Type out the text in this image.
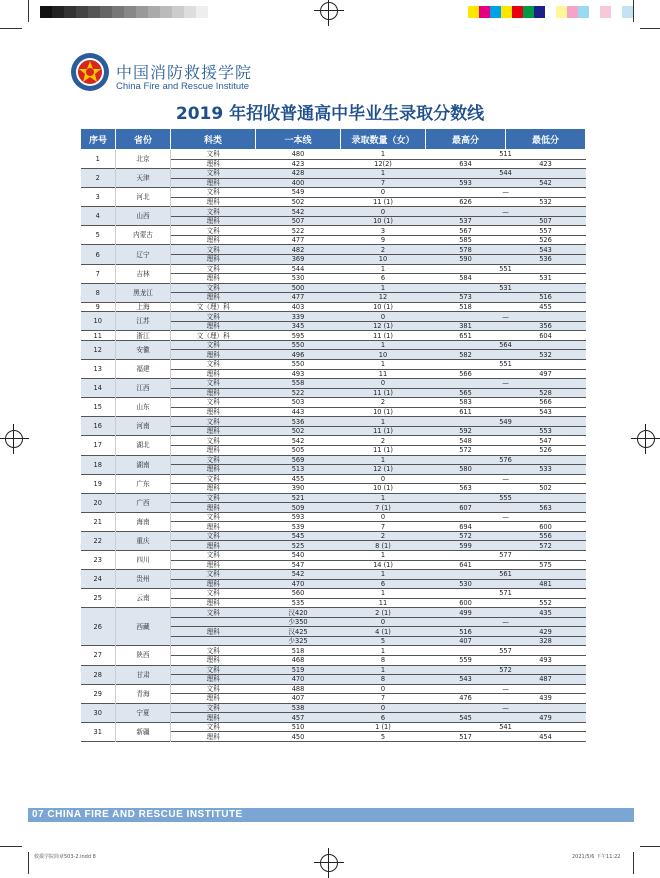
中国消防救援学院
China Fire and Rescue Institute
2019 年招收普通高中毕业生录取分数线
序号	省份	科类	一本线	录取数量（女）	最高分	最低分
1	北京	文科	480	1	511	
		理科	423	12(2)	634	423
2	天津	文科	428	1	544	
		理科	400	7	593	542
3	河北	文科	549	0	—	
		理科	502	11 (1)	626	532
4	山西	文科	542	0	—	
		理科	507	10 (1)	537	507
5	内蒙古	文科	522	3	567	557
		理科	477	9	585	526
6	辽宁	文科	482	2	578	543
		理科	369	10	590	536
7	吉林	文科	544	1	551	
		理科	530	6	584	531
8	黑龙江	文科	500	1	531	
		理科	477	12	573	516
9	上海	文（理）科	403	10 (1)	518	455
10	江苏	文科	339	0	—	
		理科	345	12 (1)	381	356
11	浙江	文（理）科	595	11 (1)	651	604
12	安徽	文科	550	1	564	
		理科	496	10	582	532
13	福建	文科	550	1	551	
		理科	493	11	566	497
14	江西	文科	558	0	—	
		理科	522	11 (1)	565	528
15	山东	文科	503	2	583	566
		理科	443	10 (1)	611	543
16	河南	文科	536	1	549	
		理科	502	11 (1)	592	553
17	湖北	文科	542	2	548	547
		理科	505	11 (1)	572	526
18	湖南	文科	569	1	576	
		理科	513	12 (1)	580	533
19	广东	文科	455	0	—	
		理科	390	10 (1)	563	502
20	广西	文科	521	1	555	
		理科	509	7 (1)	607	563
21	海南	文科	593	0	—	
		理科	539	7	694	600
22	重庆	文科	545	2	572	556
		理科	525	8 (1)	599	572
23	四川	文科	540	1	577	
		理科	547	14 (1)	641	575
24	贵州	文科	542	1	561	
		理科	470	6	530	481
25	云南	文科	560	1	571	
		理科	535	11	600	552
26	西藏	文科	汉420	2 (1)	499	435
			少350	0	—	
		理科	汉425	4 (1)	516	429
			少325	5	407	328
27	陕西	文科	518	1	557	
		理科	468	8	559	493
28	甘肃	文科	519	1	572	
		理科	470	8	543	487
29	青海	文科	488	0	—	
		理科	407	7	476	439
30	宁夏	文科	538	0	—	
		理科	457	6	545	479
31	新疆	文科	510	1 (1)	541	
		理科	450	5	517	454
07 CHINA FIRE AND RESCUE INSTITUTE
救援学院简章503-2.indd 8	2021/5/6 下午11:22
